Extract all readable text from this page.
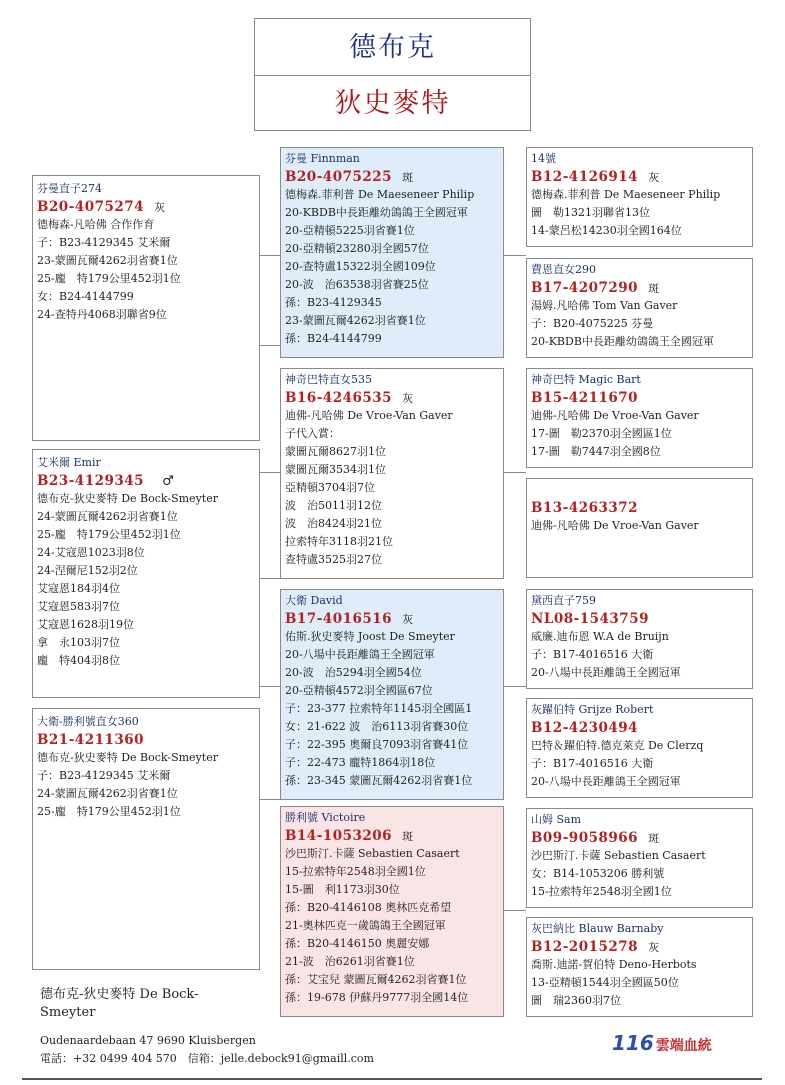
德布克
狄史麥特
芬曼直子274
B20-4075274 灰
德梅森-凡哈佛 合作作育
子：B23-4129345 艾米爾
23-蒙圖瓦爾4262羽省賽1位
25-龐　特179公里452羽1位
女：B24-4144799
24-查特丹4068羽聯省9位
艾米爾 Emir
B23-4129345 ♂
德布克-狄史麥特 De Bock-Smeyter
24-蒙圖瓦爾4262羽省賽1位
25-龐　特179公里452羽1位
24-艾寇恩1023羽8位
24-涅爾尼152羽2位
艾寇恩184羽4位
艾寇恩583羽7位
艾寇恩1628羽19位
拿　永103羽7位
龐　特404羽8位
大衛-勝利號直女360
B21-4211360
德布克-狄史麥特 De Bock-Smeyter
子：B23-4129345 艾米爾
24-蒙圖瓦爾4262羽省賽1位
25-龐　特179公里452羽1位
芬曼 Finnman
B20-4075225 斑
德梅森.菲利普 De Maeseneer Philip
20-KBDB中長距離幼鴿鴿王全國冠軍
20-亞精頓5225羽省賽1位
20-亞精頓23280羽全國57位
20-查特盧15322羽全國109位
20-波　治63538羽省賽25位
孫：B23-4129345
23-蒙圖瓦爾4262羽省賽1位
孫：B24-4144799
神奇巴特直女535
B16-4246535 灰
迪佛-凡哈佛 De Vroe-Van Gaver
子代入賞：
蒙圖瓦爾8627羽1位
蒙圖瓦爾3534羽1位
亞精頓3704羽7位
波　治5011羽12位
波　治8424羽21位
拉索特年3118羽21位
查特盧3525羽27位
大衛 David
B17-4016516 灰
佑斯.狄史麥特 Joost De Smeyter
20-八場中長距離鴿王全國冠軍
20-波　治5294羽全國54位
20-亞精頓4572羽全國區67位
子：23-377 拉索特年1145羽全國區1
女：21-622 波　治6113羽省賽30位
子：22-395 奧爾良7093羽省賽41位
子：22-473 龐特1864羽18位
孫：23-345 蒙圖瓦爾4262羽省賽1位
勝利號 Victoire
B14-1053206 斑
沙巴斯汀.卡薩 Sebastien Casaert
15-拉索特年2548羽全國1位
15-圖　利1173羽30位
孫：B20-4146108 奧林匹克希望
21-奧林匹克一歲鴿鴿王全國冠軍
孫：B20-4146150 奧麗安娜
21-波　治6261羽省賽1位
孫：艾宝兒 蒙圖瓦爾4262羽省賽1位
孫：19-678 伊蘇丹9777羽全國14位
14號
B12-4126914 灰
德梅森.菲利普 De Maeseneer Philip
圖　勒1321羽聯省13位
14-蒙呂松14230羽全國164位
費恩直女290
B17-4207290 斑
湯姆.凡哈佛 Tom Van Gaver
子：B20-4075225 芬曼
20-KBDB中長距離幼鴿鴿王全國冠軍
神奇巴特 Magic Bart
B15-4211670
迪佛-凡哈佛 De Vroe-Van Gaver
17-圖　勒2370羽全國區1位
17-圖　勒7447羽全國8位
B13-4263372
迪佛-凡哈佛 De Vroe-Van Gaver
黛西直子759
NL08-1543759
威廉.迪布恩 W.A de Bruijn
子：B17-4016516 大衛
20-八場中長距離鴿王全國冠軍
灰躍伯特 Grijze Robert
B12-4230494
巴特＆躍伯特.德克萊克 De Clerzq
子：B17-4016516 大衛
20-八場中長距離鴿王全國冠軍
山姆 Sam
B09-9058966 斑
沙巴斯汀.卡薩 Sebastien Casaert
女：B14-1053206 勝利號
15-拉索特年2548羽全國1位
灰巴納比 Blauw Barnaby
B12-2015278 灰
喬斯.迪諾-賀伯特 Deno-Herbots
13-亞精頓1544羽全國區50位
圖　瑞2360羽7位
德布克-狄史麥特 De Bock-Smeyter
Oudenaardebaan 47 9690 Kluisbergen
電話：+32 0499 404 570　信箱：jelle.debock91@gmaill.com
116 雲端血統
